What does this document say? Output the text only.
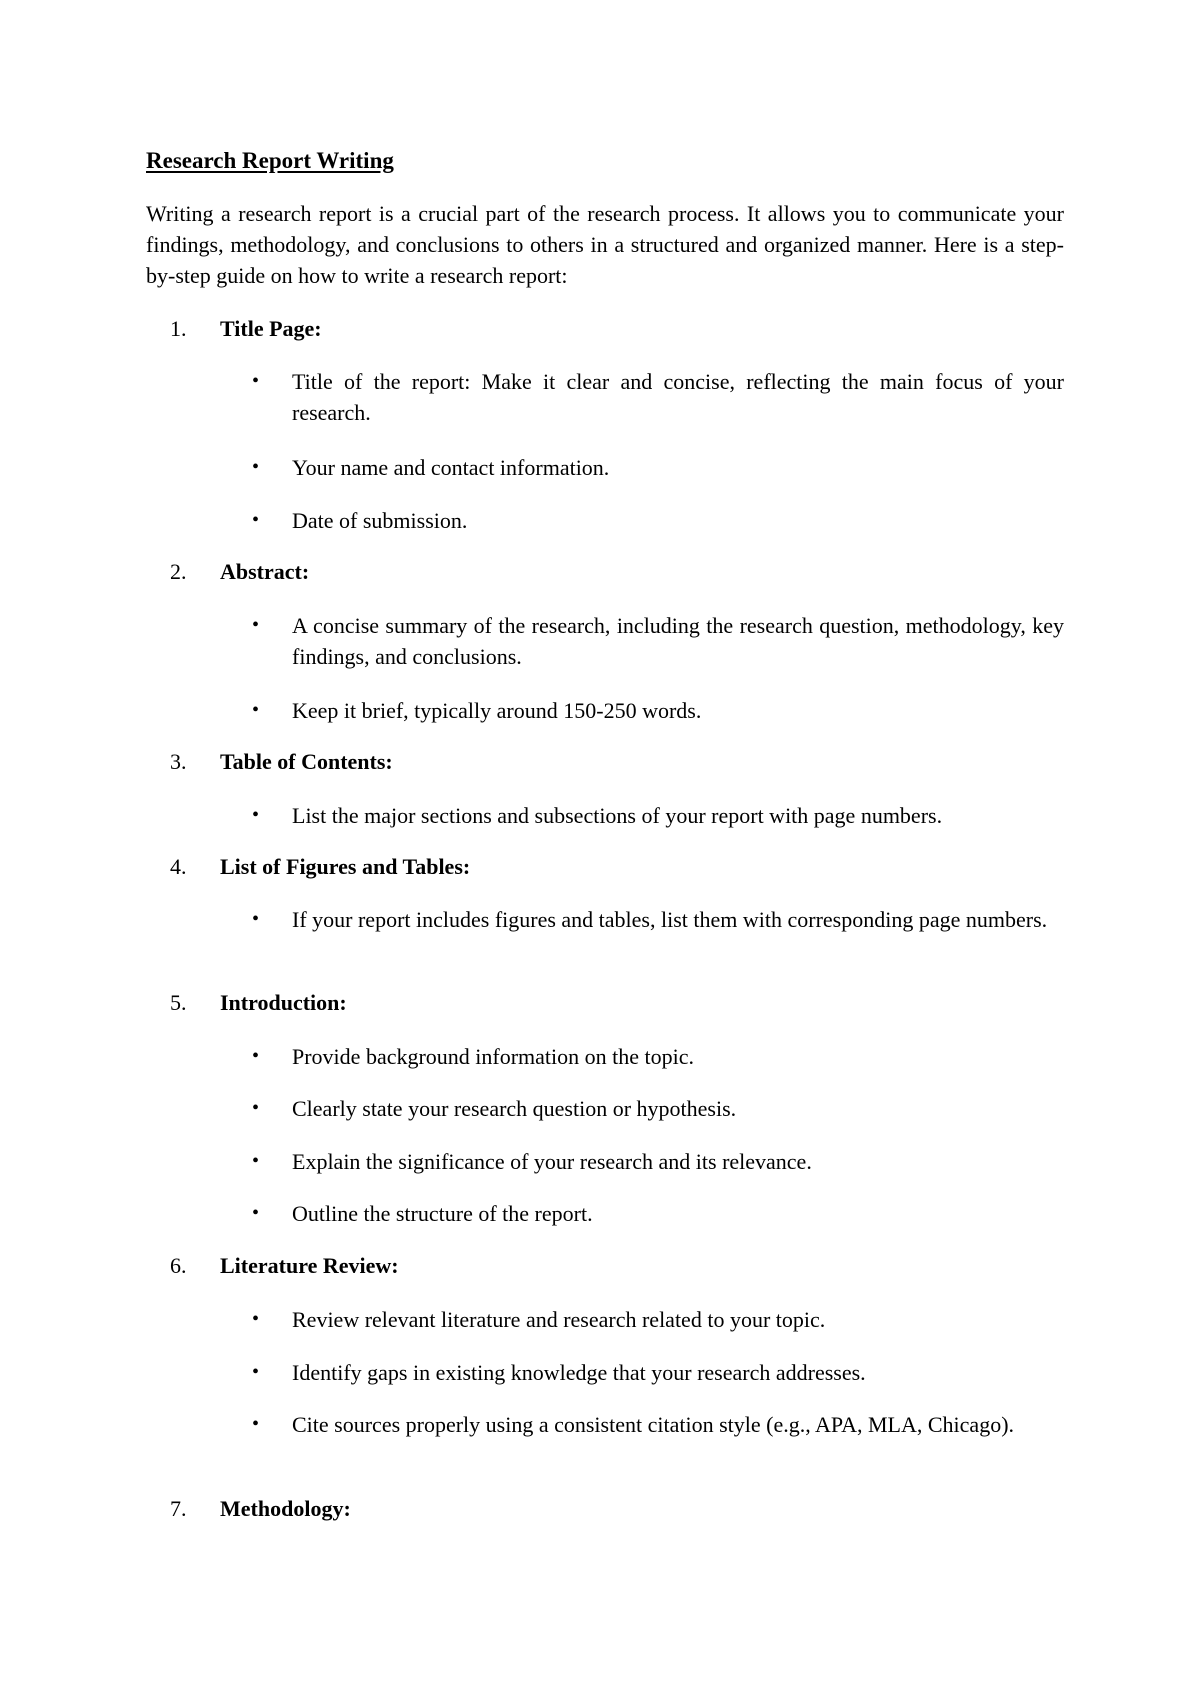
Research Report Writing

Writing a research report is a crucial part of the research process. It allows you to communicate your findings, methodology, and conclusions to others in a structured and organized manner. Here is a step-by-step guide on how to write a research report:

1. Title Page:
•	Title of the report: Make it clear and concise, reflecting the main focus of your research.
•	Your name and contact information.
•	Date of submission.
2. Abstract:
•	A concise summary of the research, including the research question, methodology, key findings, and conclusions.
•	Keep it brief, typically around 150-250 words.
3. Table of Contents:
•	List the major sections and subsections of your report with page numbers.
4. List of Figures and Tables:
•	If your report includes figures and tables, list them with corresponding page numbers.
5. Introduction:
•	Provide background information on the topic.
•	Clearly state your research question or hypothesis.
•	Explain the significance of your research and its relevance.
•	Outline the structure of the report.
6. Literature Review:
•	Review relevant literature and research related to your topic.
•	Identify gaps in existing knowledge that your research addresses.
•	Cite sources properly using a consistent citation style (e.g., APA, MLA, Chicago).
7. Methodology:
